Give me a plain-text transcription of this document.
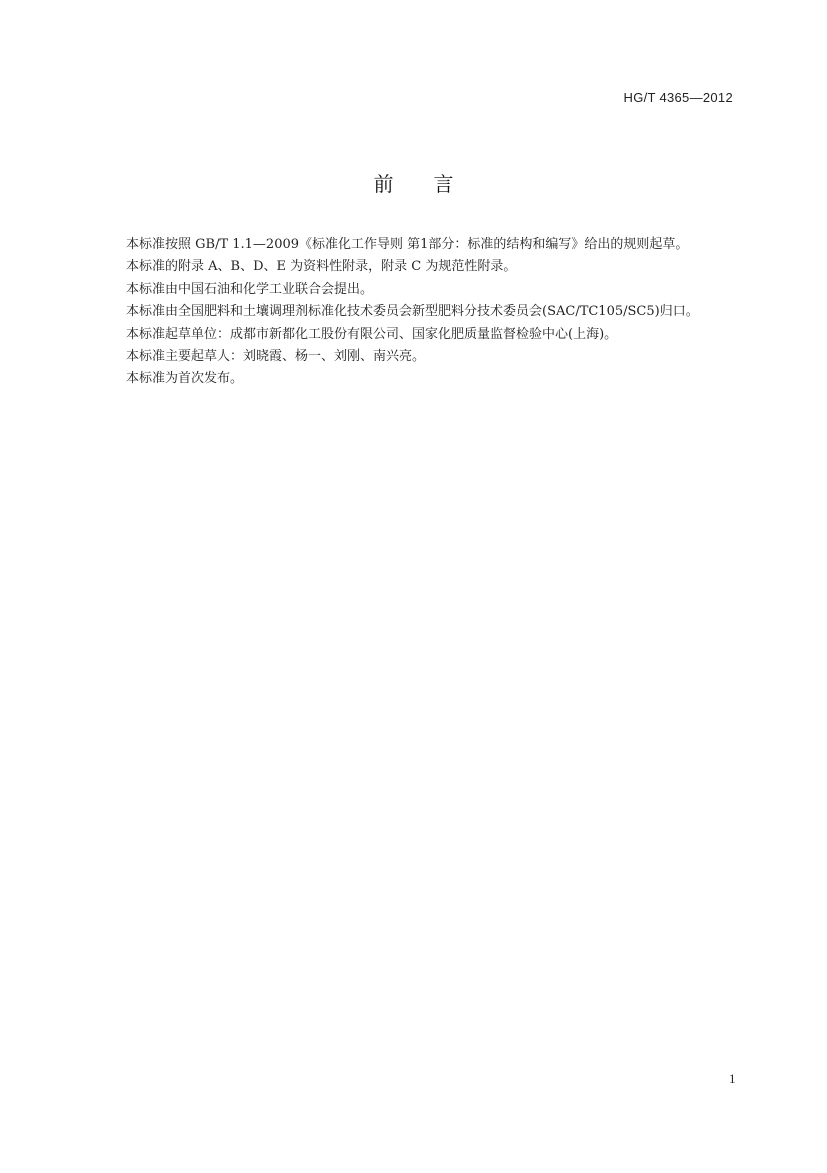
HG/T 4365—2012
前言

本标准按照 GB/T 1.1—2009《标准化工作导则 第1部分：标准的结构和编写》给出的规则起草。

本标准的附录 A、B、D、E 为资料性附录，附录 C 为规范性附录。

本标准由中国石油和化学工业联合会提出。

本标准由全国肥料和土壤调理剂标准化技术委员会新型肥料分技术委员会(SAC/TC105/SC5)归口。

本标准起草单位：成都市新都化工股份有限公司、国家化肥质量监督检验中心(上海)。

本标准主要起草人：刘晓霞、杨一、刘刚、南兴亮。

本标准为首次发布。

1
